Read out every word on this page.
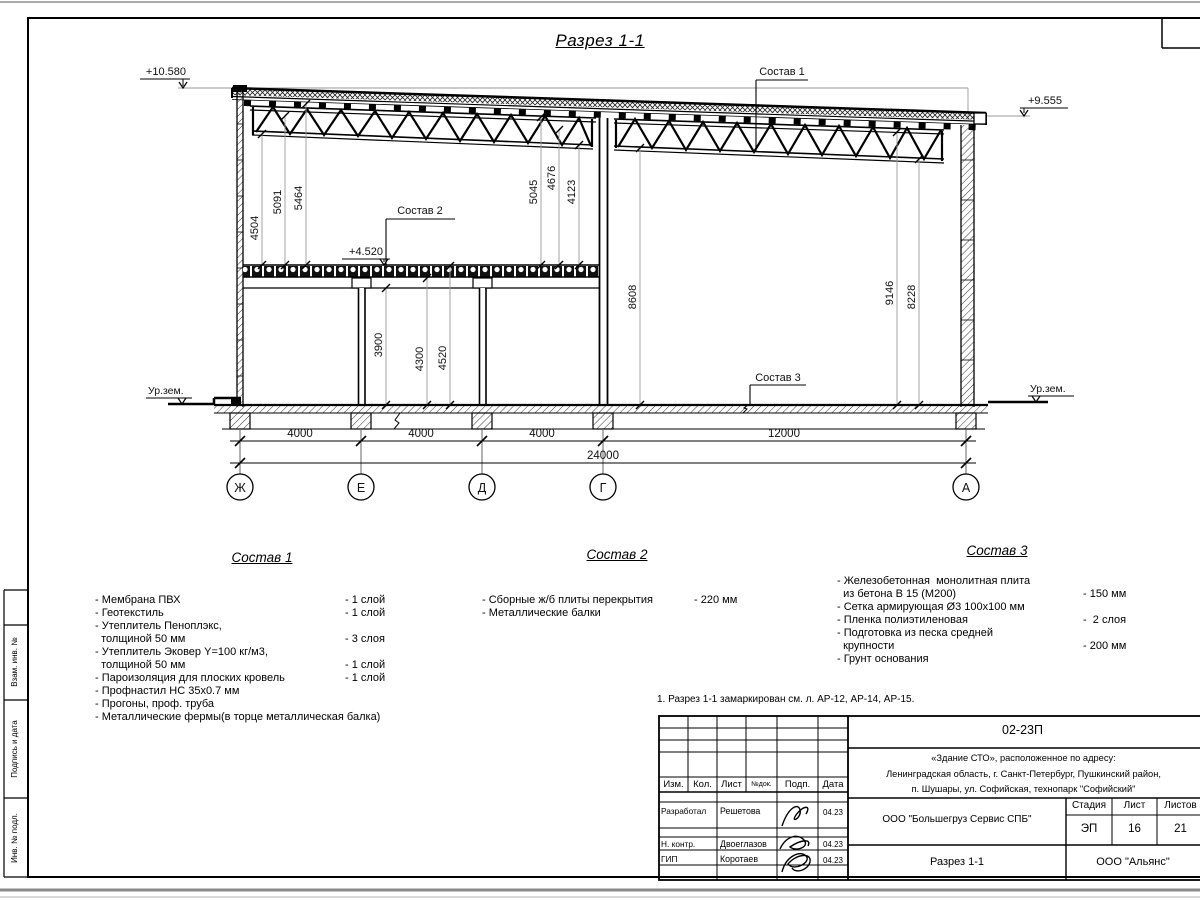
4504
5091 5464	5045
4676
4123
3900
4300 4520
8608	9146 8228
4000	4000	4000	12000
24000
Ж	Е	Д	Г	А
+10.580
+9.555
+4.520
Ур.зем.	Ур.зем.
Состав 1
Состав 2
Состав 3
Разрез 1-1
Состав 1
- Мембрана ПВХ	- 1 слой
- Геотекстиль	- 1 слой
- Утеплитель Пеноплэкс,
толщиной 50 мм	- 3 слоя
- Утеплитель Эковер Y=100 кг/м3,
толщиной 50 мм	- 1 слой
- Пароизоляция для плоских кровель	- 1 слой
- Профнастил НС 35х0.7 мм
- Прогоны, проф. труба
- Металлические фермы(в торце металлическая балка)
Состав 2
- Сборные ж/б плиты перекрытия	- 220 мм
- Металлические балки
Состав 3
- Железобетонная  монолитная плита
из бетона В 15 (М200)	- 150 мм
- Сетка армирующая Ø3 100х100 мм
- Пленка полиэтиленовая	-  2 слоя
- Подготовка из песка средней
крупности	- 200 мм
- Грунт основания
1. Разрез 1-1 замаркирован см. л. АР-12, АР-14, АР-15.
Взам. инв. №
Подпись и дата
Инв. № подл.
02-23П
«Здание СТО», расположенное по адресу:
Ленинградская область, г. Санкт-Петербург, Пушкинский район,
п. Шушары, ул. Софийская, технопарк "Софийский"
Изм. Кол. Лист	№док.	Подп.	Дата
Разработал Решетова	04.23
Н. контр.	Двоеглазов	04.23
ГИП	Коротаев	04.23
ООО "Большегруз Сервис СПБ"
Стадия	Лист	Листов
ЭП	16	21
Разрез 1-1	ООО "Альянс"
